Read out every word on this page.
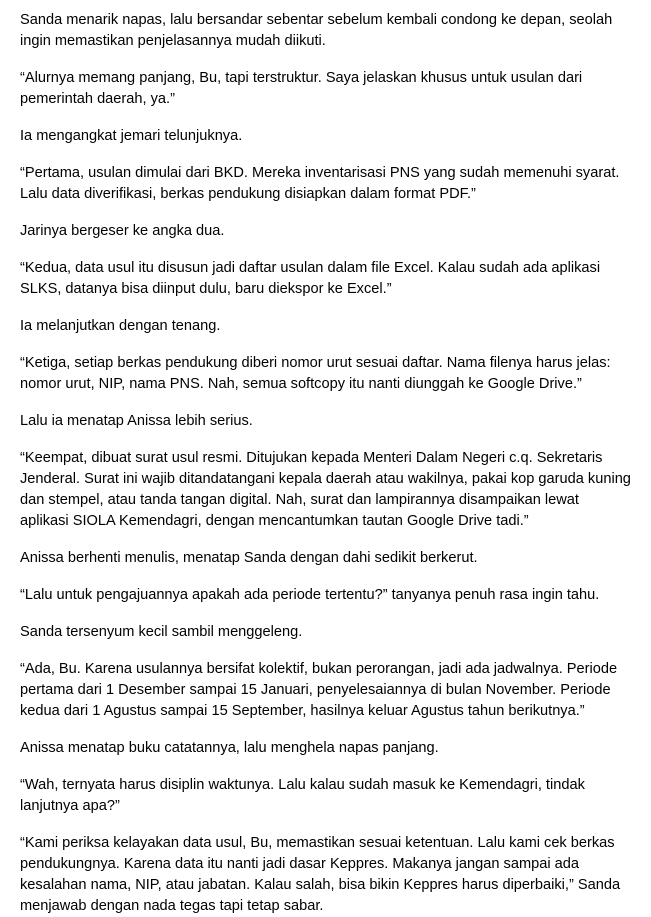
Sanda menarik napas, lalu bersandar sebentar sebelum kembali condong ke depan, seolah ingin memastikan penjelasannya mudah diikuti.

“Alurnya memang panjang, Bu, tapi terstruktur. Saya jelaskan khusus untuk usulan dari pemerintah daerah, ya.”

Ia mengangkat jemari telunjuknya.

“Pertama, usulan dimulai dari BKD. Mereka inventarisasi PNS yang sudah memenuhi syarat. Lalu data diverifikasi, berkas pendukung disiapkan dalam format PDF.”

Jarinya bergeser ke angka dua.

“Kedua, data usul itu disusun jadi daftar usulan dalam file Excel. Kalau sudah ada aplikasi SLKS, datanya bisa diinput dulu, baru diekspor ke Excel.”

Ia melanjutkan dengan tenang.

“Ketiga, setiap berkas pendukung diberi nomor urut sesuai daftar. Nama filenya harus jelas: nomor urut, NIP, nama PNS. Nah, semua softcopy itu nanti diunggah ke Google Drive.”

Lalu ia menatap Anissa lebih serius.

“Keempat, dibuat surat usul resmi. Ditujukan kepada Menteri Dalam Negeri c.q. Sekretaris Jenderal. Surat ini wajib ditandatangani kepala daerah atau wakilnya, pakai kop garuda kuning dan stempel, atau tanda tangan digital. Nah, surat dan lampirannya disampaikan lewat aplikasi SIOLA Kemendagri, dengan mencantumkan tautan Google Drive tadi.”

Anissa berhenti menulis, menatap Sanda dengan dahi sedikit berkerut.

“Lalu untuk pengajuannya apakah ada periode tertentu?” tanyanya penuh rasa ingin tahu.

Sanda tersenyum kecil sambil menggeleng.

“Ada, Bu. Karena usulannya bersifat kolektif, bukan perorangan, jadi ada jadwalnya. Periode pertama dari 1 Desember sampai 15 Januari, penyelesaiannya di bulan November. Periode kedua dari 1 Agustus sampai 15 September, hasilnya keluar Agustus tahun berikutnya.”

Anissa menatap buku catatannya, lalu menghela napas panjang.

“Wah, ternyata harus disiplin waktunya. Lalu kalau sudah masuk ke Kemendagri, tindak lanjutnya apa?”

“Kami periksa kelayakan data usul, Bu, memastikan sesuai ketentuan. Lalu kami cek berkas pendukungnya. Karena data itu nanti jadi dasar Keppres. Makanya jangan sampai ada kesalahan nama, NIP, atau jabatan. Kalau salah, bisa bikin Keppres harus diperbaiki,” Sanda menjawab dengan nada tegas tapi tetap sabar.
